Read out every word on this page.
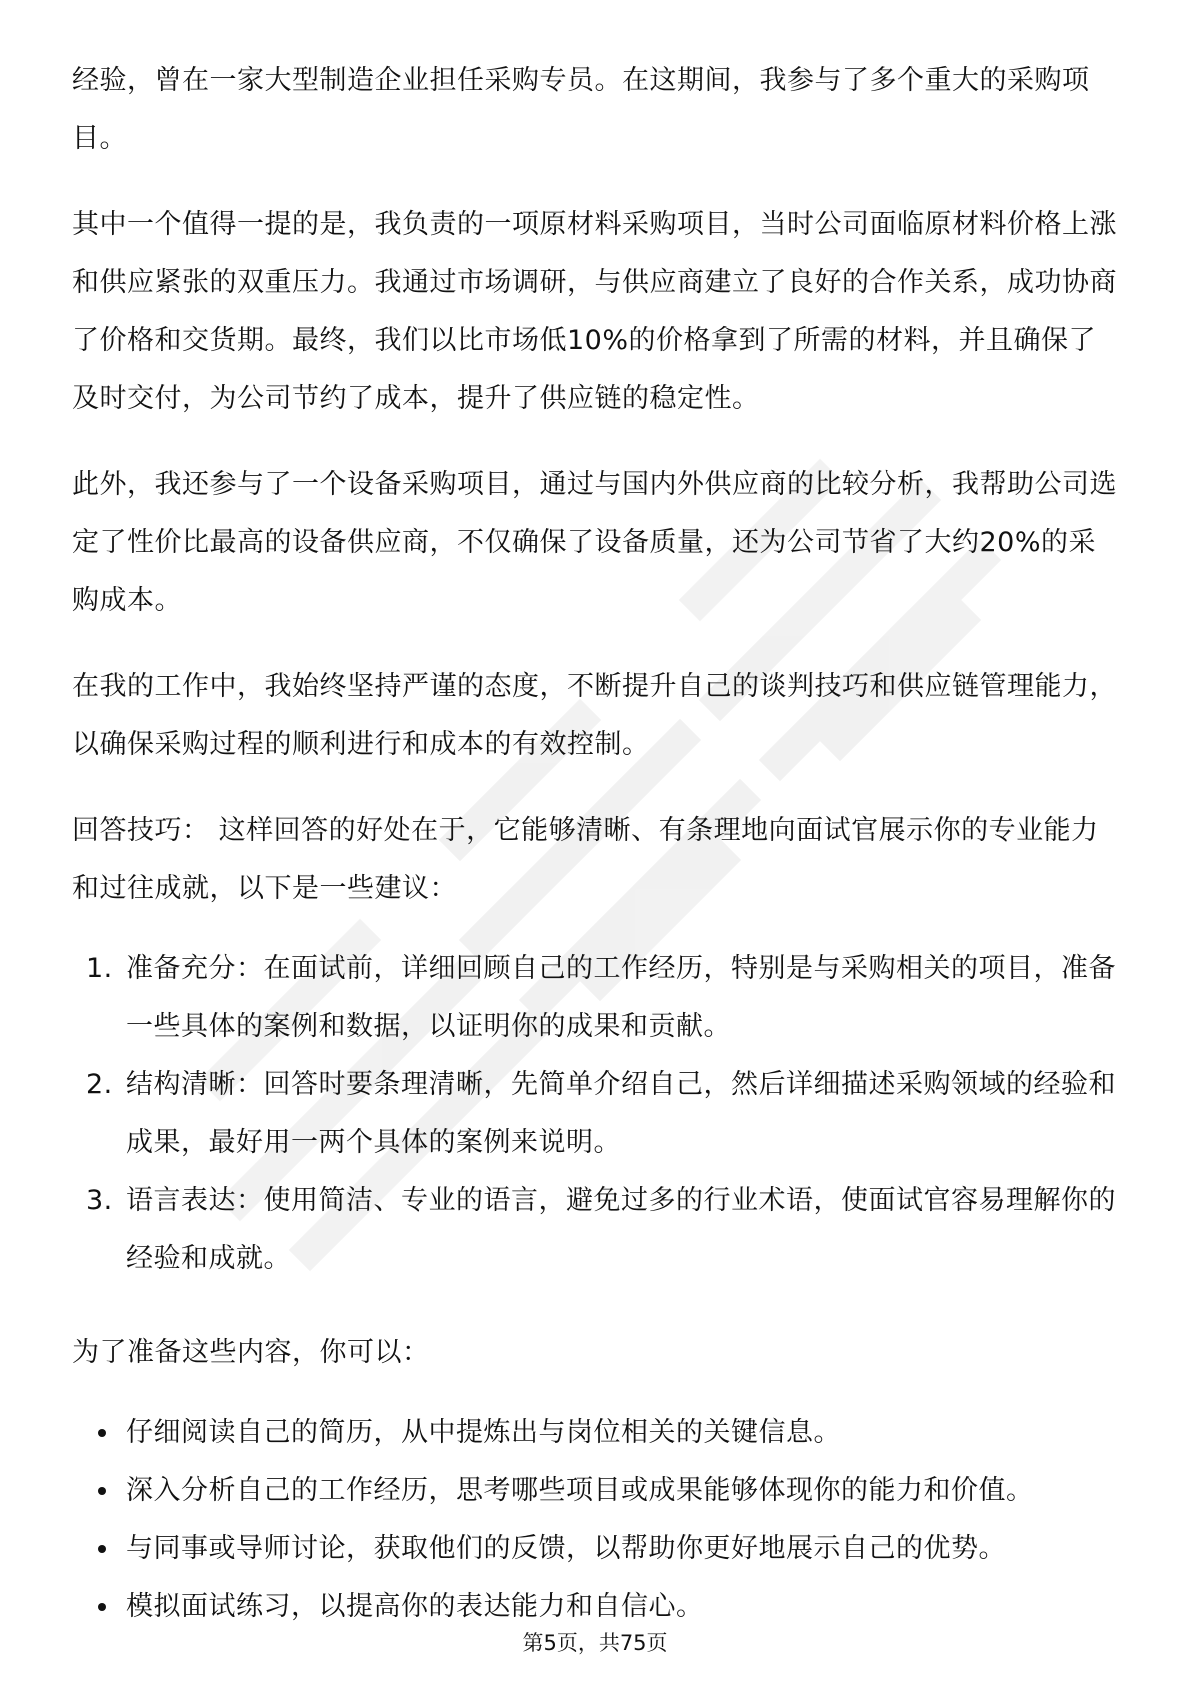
经验，曾在一家大型制造企业担任采购专员。在这期间，我参与了多个重大的采购项目。

其中一个值得一提的是，我负责的一项原材料采购项目，当时公司面临原材料价格上涨和供应紧张的双重压力。我通过市场调研，与供应商建立了良好的合作关系，成功协商了价格和交货期。最终，我们以比市场低10%的价格拿到了所需的材料，并且确保了及时交付，为公司节约了成本，提升了供应链的稳定性。

此外，我还参与了一个设备采购项目，通过与国内外供应商的比较分析，我帮助公司选定了性价比最高的设备供应商，不仅确保了设备质量，还为公司节省了大约20%的采购成本。

在我的工作中，我始终坚持严谨的态度，不断提升自己的谈判技巧和供应链管理能力，以确保采购过程的顺利进行和成本的有效控制。

回答技巧： 这样回答的好处在于，它能够清晰、有条理地向面试官展示你的专业能力和过往成就，以下是一些建议：

1. 准备充分：在面试前，详细回顾自己的工作经历，特别是与采购相关的项目，准备一些具体的案例和数据，以证明你的成果和贡献。
2. 结构清晰：回答时要条理清晰，先简单介绍自己，然后详细描述采购领域的经验和成果，最好用一两个具体的案例来说明。
3. 语言表达：使用简洁、专业的语言，避免过多的行业术语，使面试官容易理解你的经验和成就。

为了准备这些内容，你可以：

仔细阅读自己的简历，从中提炼出与岗位相关的关键信息。
深入分析自己的工作经历，思考哪些项目或成果能够体现你的能力和价值。
与同事或导师讨论，获取他们的反馈，以帮助你更好地展示自己的优势。
模拟面试练习，以提高你的表达能力和自信心。
第5页，共75页
